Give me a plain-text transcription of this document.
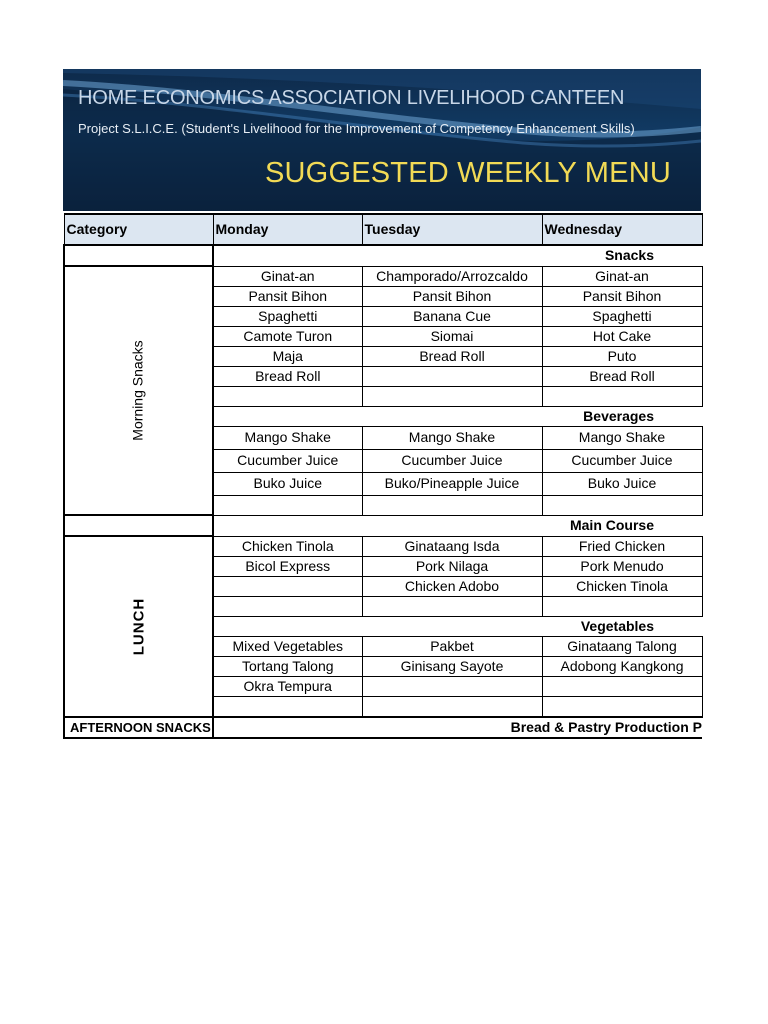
HOME ECONOMICS ASSOCIATION LIVELIHOOD CANTEEN
Project S.L.I.C.E. (Student's Livelihood for the Improvement of Competency Enhancement Skills)
SUGGESTED WEEKLY MENU
Category	Monday	Tuesday	Wednesday
	Snacks		
Morning Snacks	Ginat-an	Champorado/Arrozcaldo	Ginat-an
	Pansit Bihon	Pansit Bihon	Pansit Bihon
	Spaghetti	Banana Cue	Spaghetti
	Camote Turon	Siomai	Hot Cake
	Maja	Bread Roll	Puto
	Bread Roll		Bread Roll

	Beverages		
	Mango Shake	Mango Shake	Mango Shake
	Cucumber Juice	Cucumber Juice	Cucumber Juice
	Buko Juice	Buko/Pineapple Juice	Buko Juice

	Main Course		
LUNCH	Chicken Tinola	Ginataang Isda	Fried Chicken
	Bicol Express	Pork Nilaga	Pork Menudo
		Chicken Adobo	Chicken Tinola

	Vegetables		
	Mixed Vegetables	Pakbet	Ginataang Talong
	Tortang Talong	Ginisang Sayote	Adobong Kangkong
	Okra Tempura		

AFTERNOON SNACKS	Bread & Pastry Production P		
